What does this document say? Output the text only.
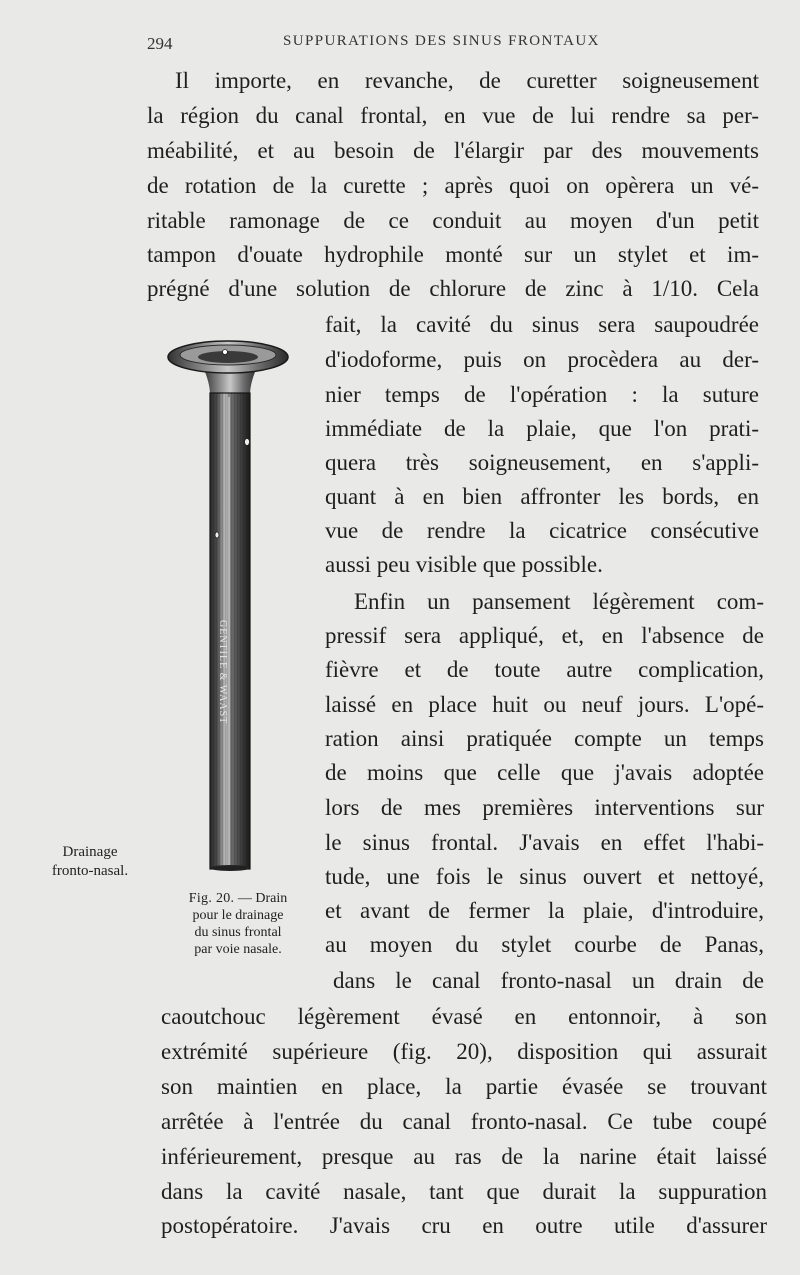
294	SUPPURATIONS DES SINUS FRONTAUX

Il importe, en revanche, de curetter soigneusement

la région du canal frontal, en vue de lui rendre sa per-

méabilité, et au besoin de l'élargir par des mouvements

de rotation de la curette ; après quoi on opèrera un vé-

ritable ramonage de ce conduit au moyen d'un petit

tampon d'ouate hydrophile monté sur un stylet et im-

prégné d'une solution de chlorure de zinc à 1/10. Cela

fait, la cavité du sinus sera saupoudrée

d'iodoforme, puis on procèdera au der-

nier temps de l'opération : la suture

immédiate de la plaie, que l'on prati-

quera très soigneusement, en s'appli-

quant à en bien affronter les bords, en

vue de rendre la cicatrice consécutive

aussi peu visible que possible.

Enfin un pansement légèrement com-

pressif sera appliqué, et, en l'absence de

fièvre et de toute autre complication,

laissé en place huit ou neuf jours. L'opé-

ration ainsi pratiquée compte un temps

de moins que celle que j'avais adoptée

lors de mes premières interventions sur

le sinus frontal. J'avais en effet l'habi-

tude, une fois le sinus ouvert et nettoyé,

et avant de fermer la plaie, d'introduire,

au moyen du stylet courbe de Panas,

dans le canal fronto-nasal un drain de

caoutchouc légèrement évasé en entonnoir, à son

extrémité supérieure (fig. 20), disposition qui assurait

son maintien en place, la partie évasée se trouvant

arrêtée à l'entrée du canal fronto-nasal. Ce tube coupé

inférieurement, presque au ras de la narine était laissé

dans la cavité nasale, tant que durait la suppuration

postopératoire. J'avais cru en outre utile d'assurer

Drainage
fronto-nasal.
GENTILE & WAAST
Fig. 20. — Drain
pour le drainage
du sinus frontal
par voie nasale.
